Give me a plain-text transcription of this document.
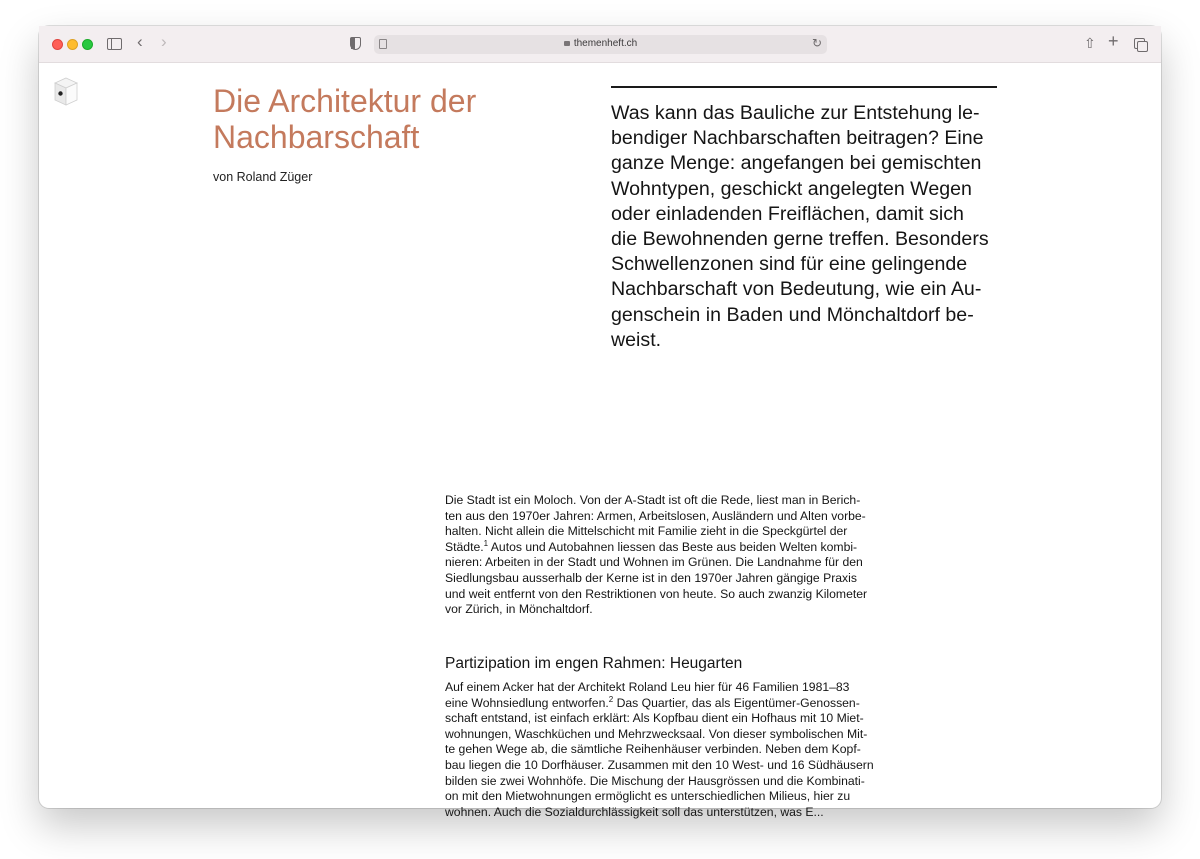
‹ ›	themenheft.ch	↻	⇧ +
Die Architektur der
Nachbarschaft
von Roland Züger
Was kann das Bauliche zur Entstehung le-
bendiger Nachbarschaften beitragen? Eine
ganze Menge: angefangen bei gemischten
Wohntypen, geschickt angelegten Wegen
oder einladenden Freiflächen, damit sich
die Bewohnenden gerne treffen. Besonders
Schwellenzonen sind für eine gelingende
Nachbarschaft von Bedeutung, wie ein Au-
genschein in Baden und Mönchaltdorf be-
weist.
Die Stadt ist ein Moloch. Von der A-Stadt ist oft die Rede, liest man in Berich-
ten aus den 1970er Jahren: Armen, Arbeitslosen, Ausländern und Alten vorbe-
halten. Nicht allein die Mittelschicht mit Familie zieht in die Speckgürtel der
Städte.$^1$ Autos und Autobahnen liessen das Beste aus beiden Welten kombi-
nieren: Arbeiten in der Stadt und Wohnen im Grünen. Die Landnahme für den
Siedlungsbau ausserhalb der Kerne ist in den 1970er Jahren gängige Praxis
und weit entfernt von den Restriktionen von heute. So auch zwanzig Kilometer
vor Zürich, in Mönchaltdorf.
Partizipation im engen Rahmen: Heugarten
Auf einem Acker hat der Architekt Roland Leu hier für 46 Familien 1981–83
eine Wohnsiedlung entworfen.$^2$ Das Quartier, das als Eigentümer-Genossen-
schaft entstand, ist einfach erklärt: Als Kopfbau dient ein Hofhaus mit 10 Miet-
wohnungen, Waschküchen und Mehrzwecksaal. Von dieser symbolischen Mit-
te gehen Wege ab, die sämtliche Reihenhäuser verbinden. Neben dem Kopf-
bau liegen die 10 Dorfhäuser. Zusammen mit den 10 West- und 16 Südhäusern
bilden sie zwei Wohnhöfe. Die Mischung der Hausgrössen und die Kombinati-
on mit den Mietwohnungen ermöglicht es unterschiedlichen Milieus, hier zu
wohnen. Auch die Sozialdurchlässigkeit soll das unterstützen, was E...
